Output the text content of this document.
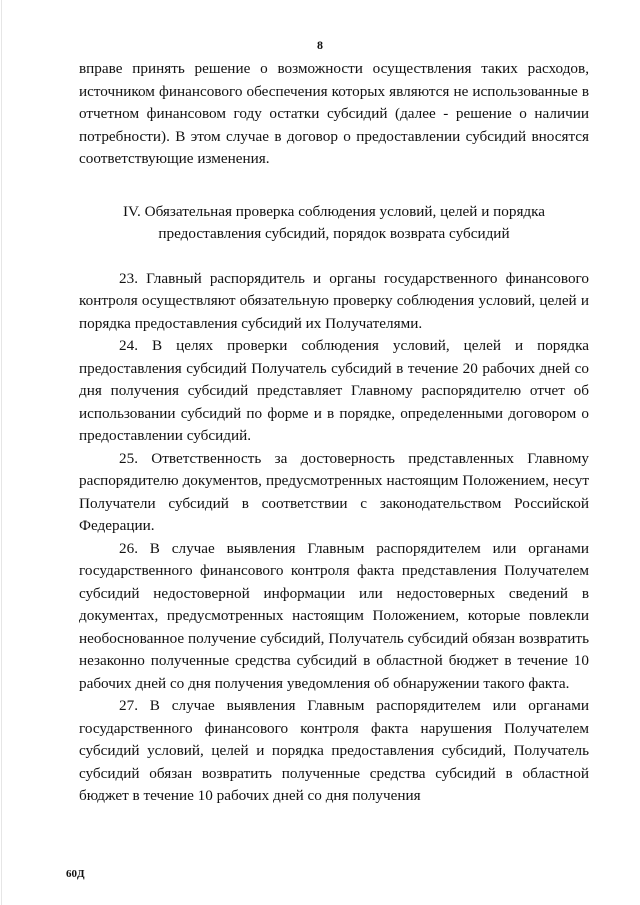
8

вправе принять решение о возможности осуществления таких расходов, источником финансового обеспечения которых являются не использованные в отчетном финансовом году остатки субсидий (далее - решение о наличии потребности). В этом случае в договор о предоставлении субсидий вносятся соответствующие изменения.

IV. Обязательная проверка соблюдения условий, целей и порядка предоставления субсидий, порядок возврата субсидий

23. Главный распорядитель и органы государственного финансового контроля осуществляют обязательную проверку соблюдения условий, целей и порядка предоставления субсидий их Получателями.

24. В целях проверки соблюдения условий, целей и порядка предоставления субсидий Получатель субсидий в течение 20 рабочих дней со дня получения субсидий представляет Главному распорядителю отчет об использовании субсидий по форме и в порядке, определенными договором о предоставлении субсидий.

25. Ответственность за достоверность представленных Главному распорядителю документов, предусмотренных настоящим Положением, несут Получатели субсидий в соответствии с законодательством Российской Федерации.

26. В случае выявления Главным распорядителем или органами государственного финансового контроля факта представления Получателем субсидий недостоверной информации или недостоверных сведений в документах, предусмотренных настоящим Положением, которые повлекли необоснованное получение субсидий, Получатель субсидий обязан возвратить незаконно полученные средства субсидий в областной бюджет в течение 10 рабочих дней со дня получения уведомления об обнаружении такого факта.

27. В случае выявления Главным распорядителем или органами государственного финансового контроля факта нарушения Получателем субсидий условий, целей и порядка предоставления субсидий, Получатель субсидий обязан возвратить полученные средства субсидий в областной бюджет в течение 10 рабочих дней со дня получения

60Д
